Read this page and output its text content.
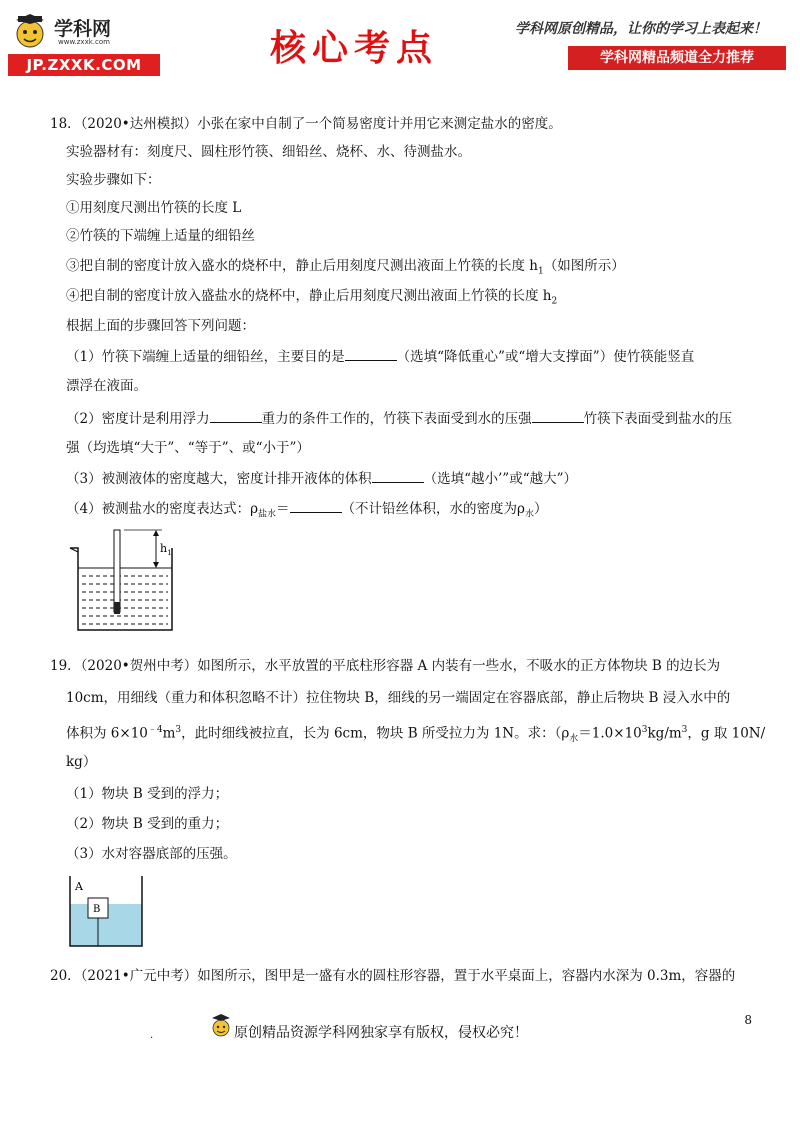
学科网
www.zxxk.com
JP.ZXXK.COM	核心考点	学科网原创精品，让你的学习上表起来！
学科网精品频道全力推荐
18．（2020•达州模拟）小张在家中自制了一个简易密度计并用它来测定盐水的密度。
实验器材有：刻度尺、圆柱形竹筷、细铅丝、烧杯、水、待测盐水。
实验步骤如下：
①用刻度尺测出竹筷的长度 L
②竹筷的下端缠上适量的细铅丝
③把自制的密度计放入盛水的烧杯中，静止后用刻度尺测出液面上竹筷的长度 $h_1$（如图所示）
④把自制的密度计放入盛盐水的烧杯中，静止后用刻度尺测出液面上竹筷的长度 $h_2$
根据上面的步骤回答下列问题：
（1）竹筷下端缠上适量的细铅丝，主要目的是	（选填“降低重心”或“增大支撑面”）使竹筷能竖直
漂浮在液面。
（2）密度计是利用浮力	重力的条件工作的，竹筷下表面受到水的压强	竹筷下表面受到盐水的压
强（均选填“大于”、“等于”、或“小于”）
（3）被测液体的密度越大，密度计排开液体的体积	（选填“越小’”或“越大”）
（4）被测盐水的密度表达式：$\rho_{盐水}=$	（不计铅丝体积，水的密度为$\rho_水$）
$h_1$
19．（2020•贺州中考）如图所示，水平放置的平底柱形容器 A 内装有一些水，不吸水的正方体物块 B 的边长为
10cm，用细线（重力和体积忽略不计）拉住物块 B，细线的另一端固定在容器底部，静止后物块 B 浸入水中的
体积为 $6\times 10^{﹣4}m^3$，此时细线被拉直，长为 6cm，物块 B 所受拉力为 1N。求：（$\rho_水=1.0\times 10^3kg/m^3$，g 取 10N/
kg）
（1）物块 B 受到的浮力；
（2）物块 B 受到的重力；
（3）水对容器底部的压强。
A
B
20．（2021•广元中考）如图所示，图甲是一盛有水的圆柱形容器，置于水平桌面上，容器内水深为 0.3m，容器的
8
.	原创精品资源学科网独家享有版权，侵权必究！
